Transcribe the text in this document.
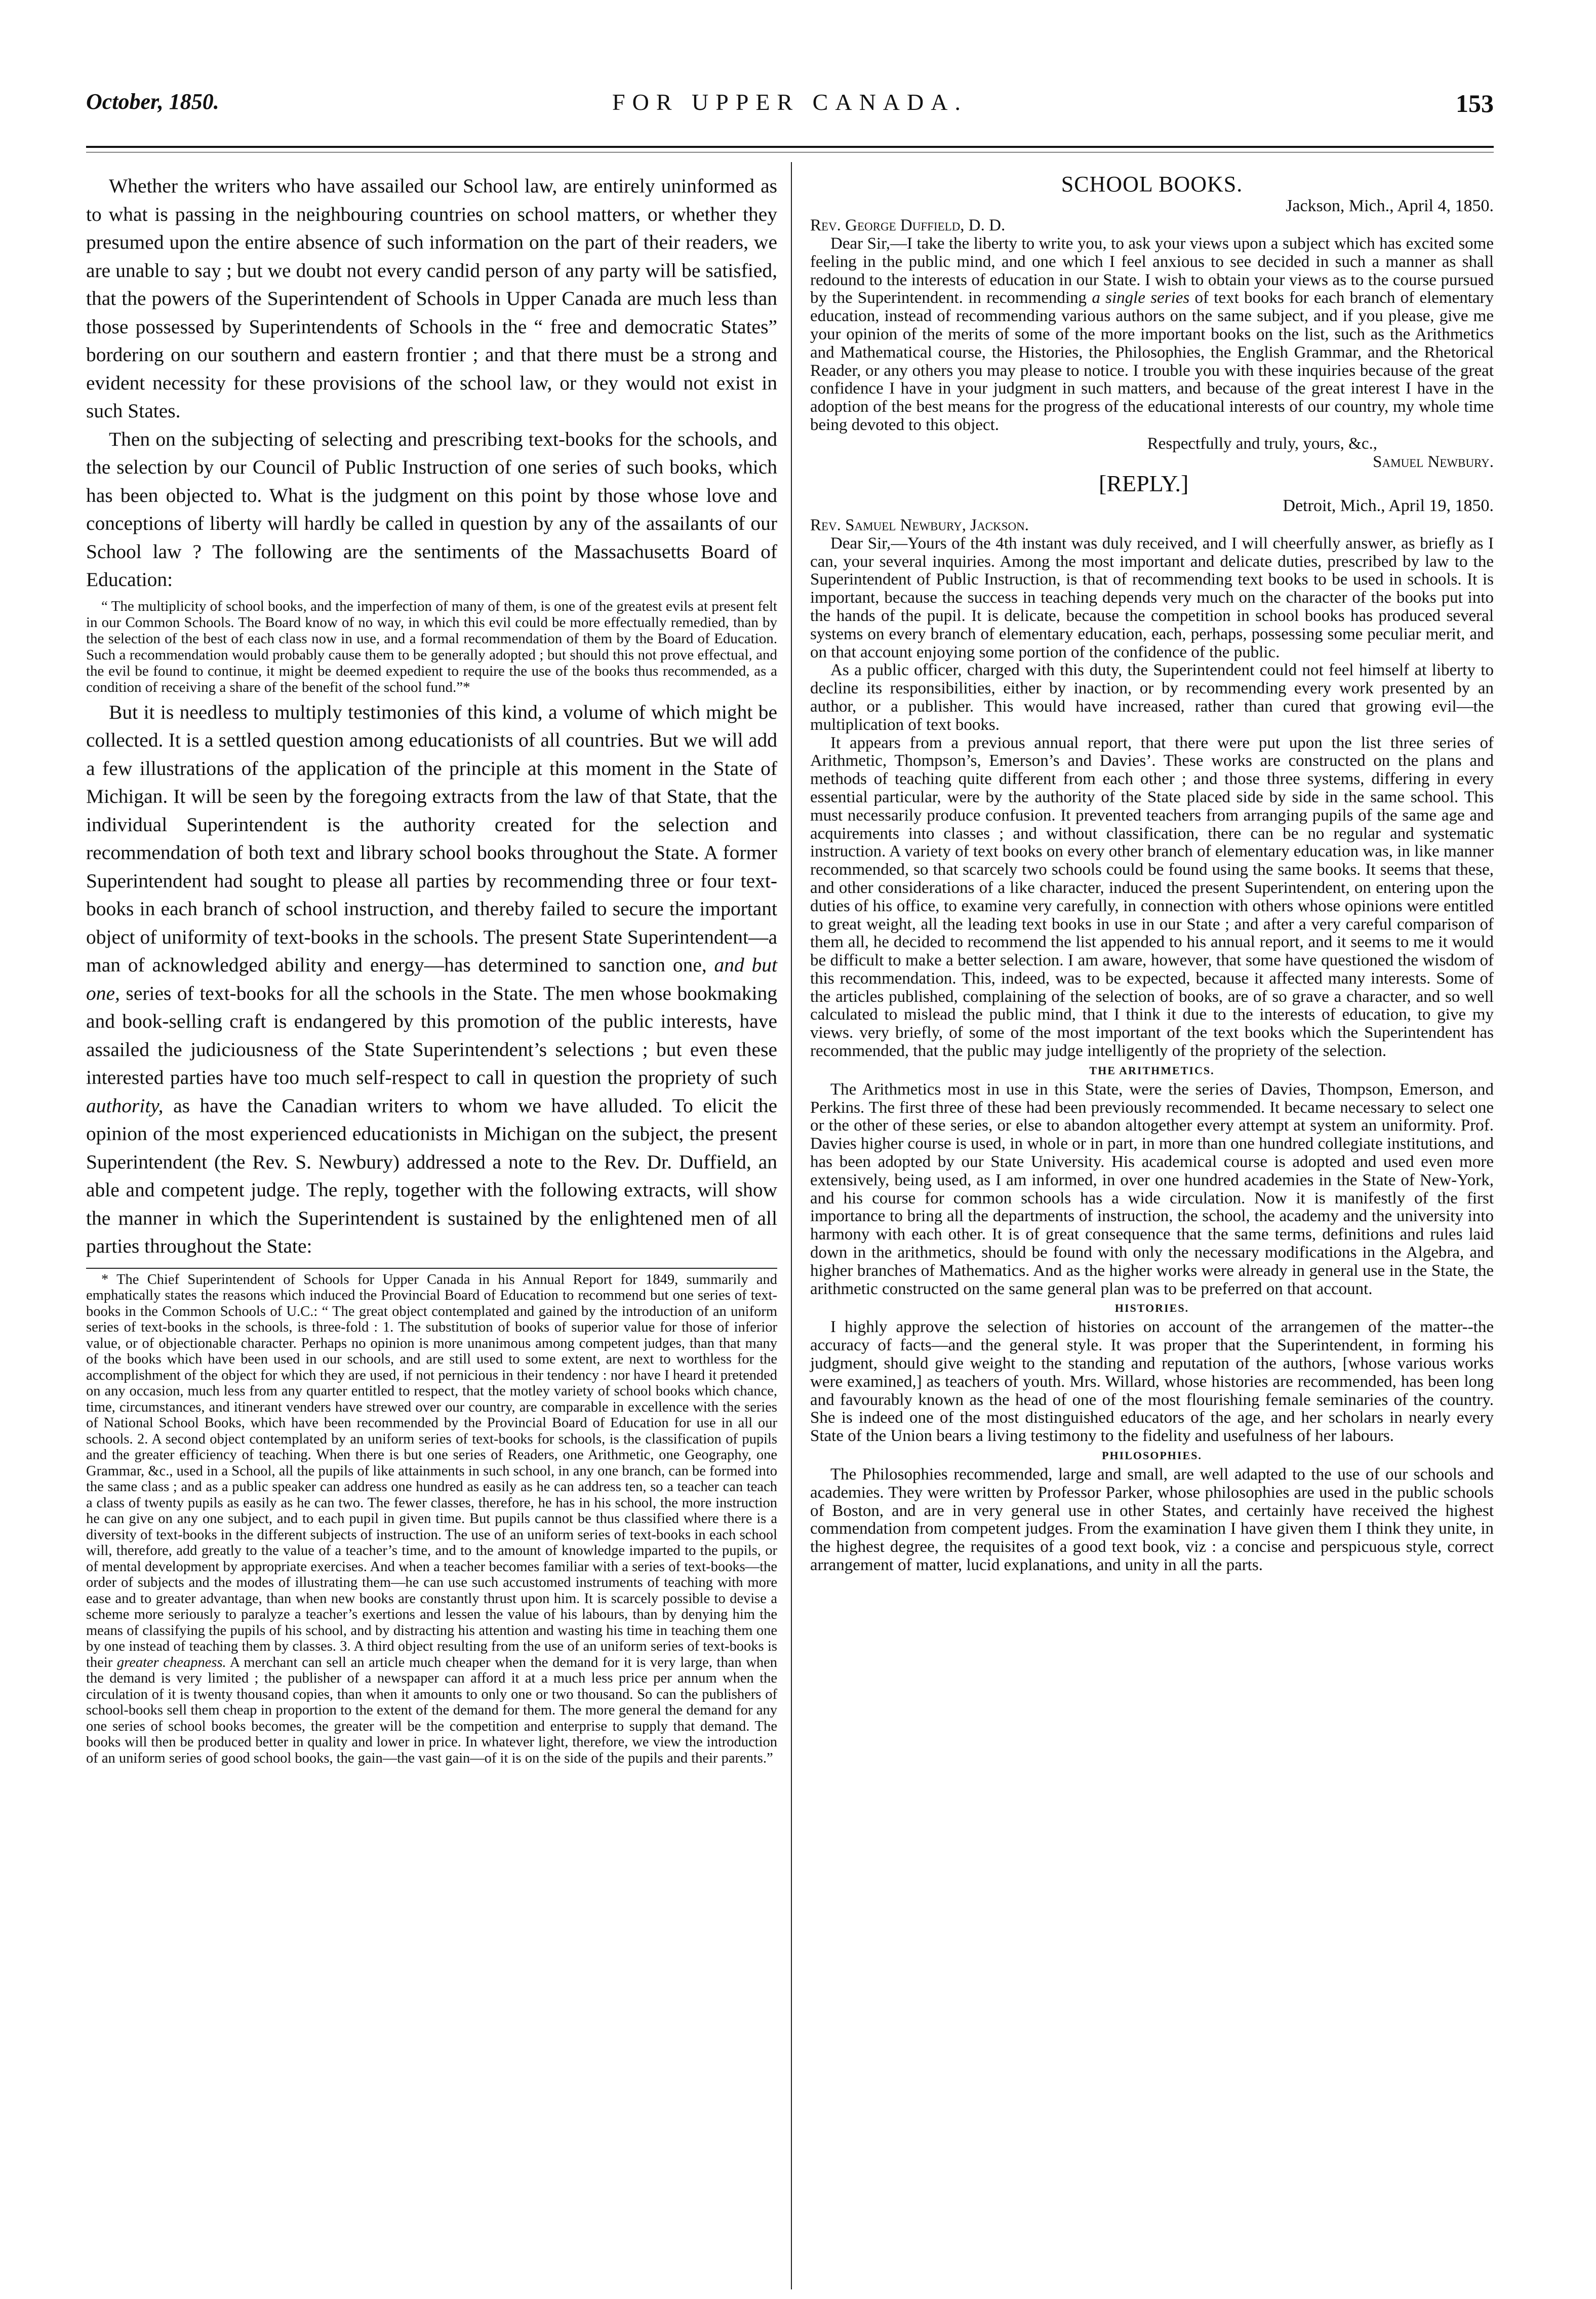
October, 1850.	FOR UPPER CANADA.	153

Whether the writers who have assailed our School law, are entirely uninformed as to what is passing in the neighbouring countries on school matters, or whether they presumed upon the entire absence of such information on the part of their readers, we are unable to say ; but we doubt not every candid person of any party will be satisfied, that the powers of the Superintendent of Schools in Upper Canada are much less than those possessed by Superintendents of Schools in the “ free and democratic States” bordering on our southern and eastern frontier ; and that there must be a strong and evident necessity for these provisions of the school law, or they would not exist in such States.

Then on the subjecting of selecting and prescribing text-books for the schools, and the selection by our Council of Public Instruction of one series of such books, which has been objected to. What is the judgment on this point by those whose love and conceptions of liberty will hardly be called in question by any of the assailants of our School law ? The following are the sentiments of the Massachusetts Board of Education:

“ The multiplicity of school books, and the imperfection of many of them, is one of the greatest evils at present felt in our Common Schools. The Board know of no way, in which this evil could be more effectually remedied, than by the selection of the best of each class now in use, and a formal recommendation of them by the Board of Education. Such a recommendation would probably cause them to be generally adopted ; but should this not prove effectual, and the evil be found to continue, it might be deemed expedient to require the use of the books thus recommended, as a condition of receiving a share of the benefit of the school fund.”*

But it is needless to multiply testimonies of this kind, a volume of which might be collected. It is a settled question among educationists of all countries. But we will add a few illustrations of the application of the principle at this moment in the State of Michigan. It will be seen by the foregoing extracts from the law of that State, that the individual Superintendent is the authority created for the selection and recommendation of both text and library school books throughout the State. A former Superintendent had sought to please all parties by recommending three or four text-books in each branch of school instruction, and thereby failed to secure the important object of uniformity of text-books in the schools. The present State Superintendent—a man of acknowledged ability and energy—has determined to sanction one, and but one, series of text-books for all the schools in the State. The men whose bookmaking and book-selling craft is endangered by this promotion of the public interests, have assailed the judiciousness of the State Superintendent’s selections ; but even these interested parties have too much self-respect to call in question the propriety of such authority, as have the Canadian writers to whom we have alluded. To elicit the opinion of the most experienced educationists in Michigan on the subject, the present Superintendent (the Rev. S. Newbury) addressed a note to the Rev. Dr. Duffield, an able and competent judge. The reply, together with the following extracts, will show the manner in which the Superintendent is sustained by the enlightened men of all parties throughout the State:

* The Chief Superintendent of Schools for Upper Canada in his Annual Report for 1849, summarily and emphatically states the reasons which induced the Provincial Board of Education to recommend but one series of text-books in the Common Schools of U.C.: “ The great object contemplated and gained by the introduction of an uniform series of text-books in the schools, is three-fold : 1. The substitution of books of superior value for those of inferior value, or of objectionable character. Perhaps no opinion is more unanimous among competent judges, than that many of the books which have been used in our schools, and are still used to some extent, are next to worthless for the accomplishment of the object for which they are used, if not pernicious in their tendency : nor have I heard it pretended on any occasion, much less from any quarter entitled to respect, that the motley variety of school books which chance, time, circumstances, and itinerant venders have strewed over our country, are comparable in excellence with the series of National School Books, which have been recommended by the Provincial Board of Education for use in all our schools. 2. A second object contemplated by an uniform series of text-books for schools, is the classification of pupils and the greater efficiency of teaching. When there is but one series of Readers, one Arithmetic, one Geography, one Grammar, &c., used in a School, all the pupils of like attainments in such school, in any one branch, can be formed into the same class ; and as a public speaker can address one hundred as easily as he can address ten, so a teacher can teach a class of twenty pupils as easily as he can two. The fewer classes, therefore, he has in his school, the more instruction he can give on any one subject, and to each pupil in given time. But pupils cannot be thus classified where there is a diversity of text-books in the different subjects of instruction. The use of an uniform series of text-books in each school will, therefore, add greatly to the value of a teacher’s time, and to the amount of knowledge imparted to the pupils, or of mental development by appropriate exercises. And when a teacher becomes familiar with a series of text-books—the order of subjects and the modes of illustrating them—he can use such accustomed instruments of teaching with more ease and to greater advantage, than when new books are constantly thrust upon him. It is scarcely possible to devise a scheme more seriously to paralyze a teacher’s exertions and lessen the value of his labours, than by denying him the means of classifying the pupils of his school, and by distracting his attention and wasting his time in teaching them one by one instead of teaching them by classes. 3. A third object resulting from the use of an uniform series of text-books is their greater cheapness. A merchant can sell an article much cheaper when the demand for it is very large, than when the demand is very limited ; the publisher of a newspaper can afford it at a much less price per annum when the circulation of it is twenty thousand copies, than when it amounts to only one or two thousand. So can the publishers of school-books sell them cheap in proportion to the extent of the demand for them. The more general the demand for any one series of school books becomes, the greater will be the competition and enterprise to supply that demand. The books will then be produced better in quality and lower in price. In whatever light, therefore, we view the introduction of an uniform series of good school books, the gain—the vast gain—of it is on the side of the pupils and their parents.”

SCHOOL BOOKS.

Jackson, Mich., April 4, 1850.

Rev. George Duffield, D. D.

Dear Sir,—I take the liberty to write you, to ask your views upon a subject which has excited some feeling in the public mind, and one which I feel anxious to see decided in such a manner as shall redound to the interests of education in our State. I wish to obtain your views as to the course pursued by the Superintendent. in recommending a single series of text books for each branch of elementary education, instead of recommending various authors on the same subject, and if you please, give me your opinion of the merits of some of the more important books on the list, such as the Arithmetics and Mathematical course, the Histories, the Philosophies, the English Grammar, and the Rhetorical Reader, or any others you may please to notice. I trouble you with these inquiries because of the great confidence I have in your judgment in such matters, and because of the great interest I have in the adoption of the best means for the progress of the educational interests of our country, my whole time being devoted to this object.

Respectfully and truly, yours, &c.,

Samuel Newbury.

[REPLY.]

Detroit, Mich., April 19, 1850.

Rev. Samuel Newbury, Jackson.

Dear Sir,—Yours of the 4th instant was duly received, and I will cheerfully answer, as briefly as I can, your several inquiries. Among the most important and delicate duties, prescribed by law to the Superintendent of Public Instruction, is that of recommending text books to be used in schools. It is important, because the success in teaching depends very much on the character of the books put into the hands of the pupil. It is delicate, because the competition in school books has produced several systems on every branch of elementary education, each, perhaps, possessing some peculiar merit, and on that account enjoying some portion of the confidence of the public.

As a public officer, charged with this duty, the Superintendent could not feel himself at liberty to decline its responsibilities, either by inaction, or by recommending every work presented by an author, or a publisher. This would have increased, rather than cured that growing evil—the multiplication of text books.

It appears from a previous annual report, that there were put upon the list three series of Arithmetic, Thompson’s, Emerson’s and Davies’. These works are constructed on the plans and methods of teaching quite different from each other ; and those three systems, differing in every essential particular, were by the authority of the State placed side by side in the same school. This must necessarily produce confusion. It prevented teachers from arranging pupils of the same age and acquirements into classes ; and without classification, there can be no regular and systematic instruction. A variety of text books on every other branch of elementary education was, in like manner recommended, so that scarcely two schools could be found using the same books. It seems that these, and other considerations of a like character, induced the present Superintendent, on entering upon the duties of his office, to examine very carefully, in connection with others whose opinions were entitled to great weight, all the leading text books in use in our State ; and after a very careful comparison of them all, he decided to recommend the list appended to his annual report, and it seems to me it would be difficult to make a better selection. I am aware, however, that some have questioned the wisdom of this recommendation. This, indeed, was to be expected, because it affected many interests. Some of the articles published, complaining of the selection of books, are of so grave a character, and so well calculated to mislead the public mind, that I think it due to the interests of education, to give my views. very briefly, of some of the most important of the text books which the Superintendent has recommended, that the public may judge intelligently of the propriety of the selection.

THE ARITHMETICS.

The Arithmetics most in use in this State, were the series of Davies, Thompson, Emerson, and Perkins. The first three of these had been previously recommended. It became necessary to select one or the other of these series, or else to abandon altogether every attempt at system an uniformity. Prof. Davies higher course is used, in whole or in part, in more than one hundred collegiate institutions, and has been adopted by our State University. His academical course is adopted and used even more extensively, being used, as I am informed, in over one hundred academies in the State of New-York, and his course for common schools has a wide circulation. Now it is manifestly of the first importance to bring all the departments of instruction, the school, the academy and the university into harmony with each other. It is of great consequence that the same terms, definitions and rules laid down in the arithmetics, should be found with only the necessary modifications in the Algebra, and higher branches of Mathematics. And as the higher works were already in general use in the State, the arithmetic constructed on the same general plan was to be preferred on that account.

HISTORIES.

I highly approve the selection of histories on account of the arrangemen of the matter--the accuracy of facts—and the general style. It was proper that the Superintendent, in forming his judgment, should give weight to the standing and reputation of the authors, [whose various works were examined,] as teachers of youth. Mrs. Willard, whose histories are recommended, has been long and favourably known as the head of one of the most flourishing female seminaries of the country. She is indeed one of the most distinguished educators of the age, and her scholars in nearly every State of the Union bears a living testimony to the fidelity and usefulness of her labours.

PHILOSOPHIES.

The Philosophies recommended, large and small, are well adapted to the use of our schools and academies. They were written by Professor Parker, whose philosophies are used in the public schools of Boston, and are in very general use in other States, and certainly have received the highest commendation from competent judges. From the examination I have given them I think they unite, in the highest degree, the requisites of a good text book, viz : a concise and perspicuous style, correct arrangement of matter, lucid explanations, and unity in all the parts.
